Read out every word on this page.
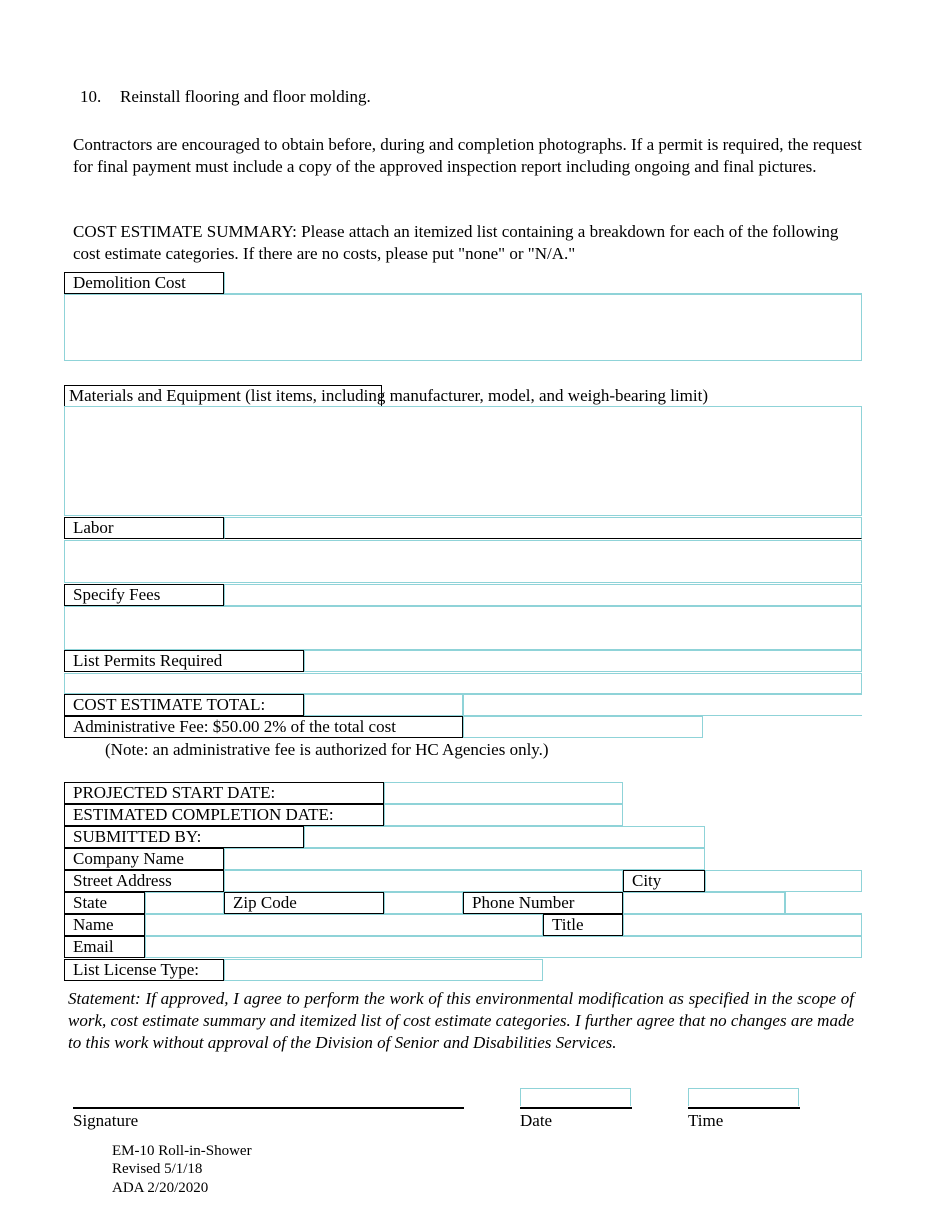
10. Reinstall flooring and floor molding.
Contractors are encouraged to obtain before, during and completion photographs. If a permit is required, the request for final payment must include a copy of the approved inspection report including ongoing and final pictures.
COST ESTIMATE SUMMARY: Please attach an itemized list containing a breakdown for each of the following cost estimate categories. If there are no costs, please put "none" or "N/A."
Demolition Cost
Materials and Equipment (list items, including manufacturer, model, and weigh-bearing limit)
Labor
Specify Fees
List Permits Required
COST ESTIMATE TOTAL:
Administrative Fee: $50.00 2% of the total cost
(Note: an administrative fee is authorized for HC Agencies only.)
PROJECTED START DATE:
ESTIMATED COMPLETION DATE:
SUBMITTED BY:
Company Name
Street Address	City
State	Zip Code	Phone Number
Name	Title
Email
List License Type:
Statement: If approved, I agree to perform the work of this environmental modification as specified in the scope of work, cost estimate summary and itemized list of cost estimate categories. I further agree that no changes are made to this work without approval of the Division of Senior and Disabilities Services.
Signature	Date	Time
EM-10 Roll-in-Shower
Revised 5/1/18
ADA 2/20/2020
